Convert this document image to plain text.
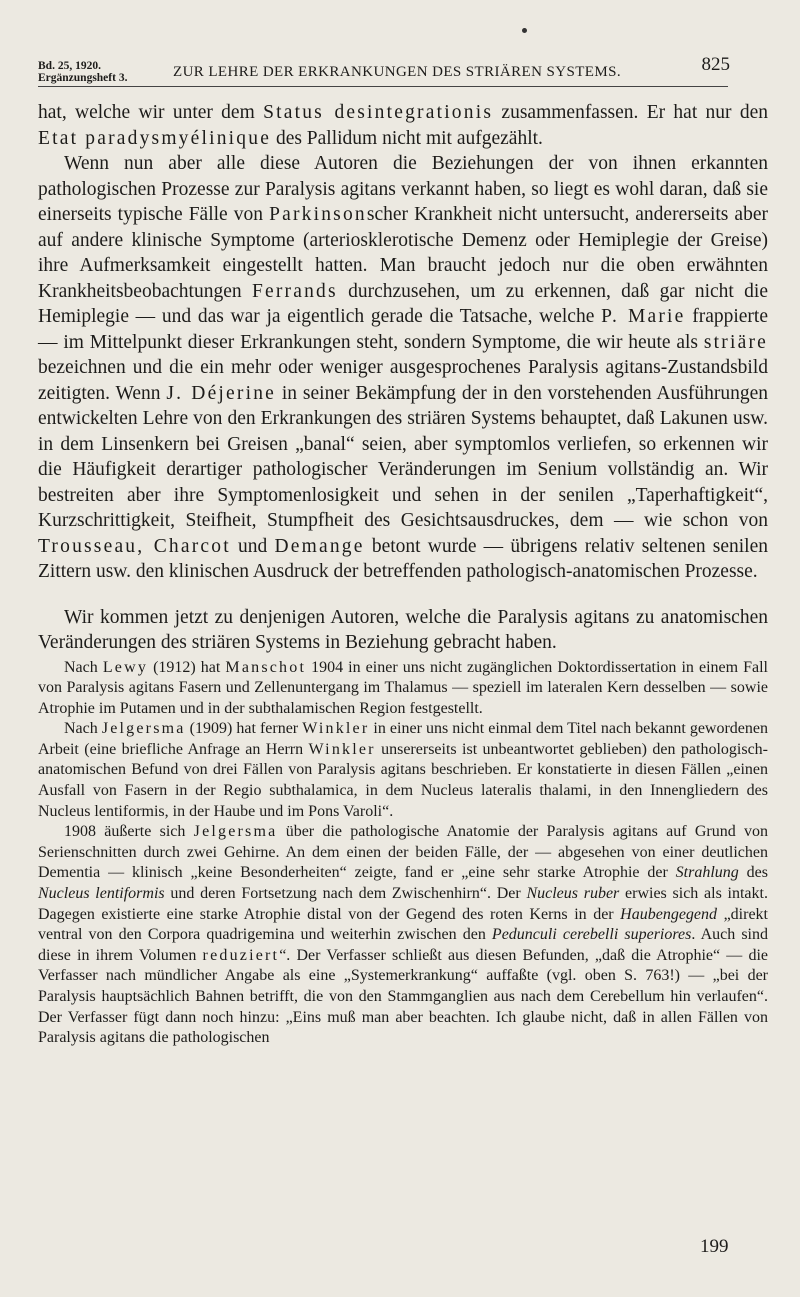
Bd. 25, 1920.
Ergänzungsheft 3.	ZUR LEHRE DER ERKRANKUNGEN DES STRIÄREN SYSTEMS.	825

hat, welche wir unter dem Status desintegrationis zusammenfassen. Er hat nur den Etat paradysmyélinique des Pallidum nicht mit aufgezählt.

Wenn nun aber alle diese Autoren die Beziehungen der von ihnen erkannten pathologischen Prozesse zur Paralysis agitans verkannt haben, so liegt es wohl daran, daß sie einerseits typische Fälle von Parkinsonscher Krankheit nicht untersucht, andererseits aber auf andere klinische Symptome (arteriosklerotische Demenz oder Hemiplegie der Greise) ihre Aufmerksamkeit eingestellt hatten. Man braucht jedoch nur die oben erwähnten Krankheitsbeobachtungen Ferrands durchzusehen, um zu erkennen, daß gar nicht die Hemiplegie — und das war ja eigentlich gerade die Tatsache, welche P. Marie frappierte — im Mittelpunkt dieser Erkrankungen steht, sondern Symptome, die wir heute als striäre bezeichnen und die ein mehr oder weniger ausgesprochenes Paralysis agitans-Zustandsbild zeitigten. Wenn J. Déjerine in seiner Bekämpfung der in den vorstehenden Ausführungen entwickelten Lehre von den Erkrankungen des striären Systems behauptet, daß Lakunen usw. in dem Linsenkern bei Greisen „banal“ seien, aber symptomlos verliefen, so erkennen wir die Häufigkeit derartiger pathologischer Veränderungen im Senium vollständig an. Wir bestreiten aber ihre Symptomenlosigkeit und sehen in der senilen „Taperhaftigkeit“, Kurzschrittigkeit, Steifheit, Stumpfheit des Gesichtsausdruckes, dem — wie schon von Trousseau, Charcot und Demange betont wurde — übrigens relativ seltenen senilen Zittern usw. den klinischen Ausdruck der betreffenden pathologisch-anatomischen Prozesse.

Wir kommen jetzt zu denjenigen Autoren, welche die Paralysis agitans zu anatomischen Veränderungen des striären Systems in Beziehung gebracht haben.

Nach Lewy (1912) hat Manschot 1904 in einer uns nicht zugänglichen Doktordissertation in einem Fall von Paralysis agitans Fasern und Zellenuntergang im Thalamus — speziell im lateralen Kern desselben — sowie Atrophie im Putamen und in der subthalamischen Region festgestellt.

Nach Jelgersma (1909) hat ferner Winkler in einer uns nicht einmal dem Titel nach bekannt gewordenen Arbeit (eine briefliche Anfrage an Herrn Winkler unsererseits ist unbeantwortet geblieben) den pathologisch-anatomischen Befund von drei Fällen von Paralysis agitans beschrieben. Er konstatierte in diesen Fällen „einen Ausfall von Fasern in der Regio subthalamica, in dem Nucleus lateralis thalami, in den Innengliedern des Nucleus lentiformis, in der Haube und im Pons Varoli“.

1908 äußerte sich Jelgersma über die pathologische Anatomie der Paralysis agitans auf Grund von Serienschnitten durch zwei Gehirne. An dem einen der beiden Fälle, der — abgesehen von einer deutlichen Dementia — klinisch „keine Besonderheiten“ zeigte, fand er „eine sehr starke Atrophie der Strahlung des Nucleus lentiformis und deren Fortsetzung nach dem Zwischenhirn“. Der Nucleus ruber erwies sich als intakt. Dagegen existierte eine starke Atrophie distal von der Gegend des roten Kerns in der Haubengegend „direkt ventral von den Corpora quadrigemina und weiterhin zwischen den Pedunculi cerebelli superiores. Auch sind diese in ihrem Volumen reduziert“. Der Verfasser schließt aus diesen Befunden, „daß die Atrophie“ — die Verfasser nach mündlicher Angabe als eine „Systemerkrankung“ auffaßte (vgl. oben S. 763!) — „bei der Paralysis hauptsächlich Bahnen betrifft, die von den Stammganglien aus nach dem Cerebellum hin verlaufen“. Der Verfasser fügt dann noch hinzu: „Eins muß man aber beachten. Ich glaube nicht, daß in allen Fällen von Paralysis agitans die pathologischen

199
